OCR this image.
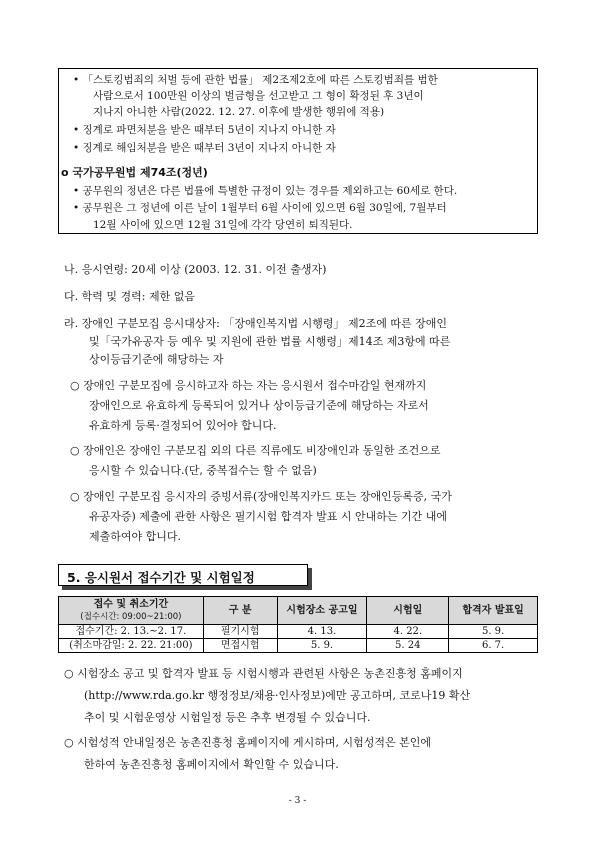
• 「스토킹범죄의 처벌 등에 관한 법률」 제2조제2호에 따른 스토킹범죄를 범한
사람으로서 100만원 이상의 벌금형을 선고받고 그 형이 확정된 후 3년이
지나지 아니한 사람(2022. 12. 27. 이후에 발생한 행위에 적용)
• 징계로 파면처분을 받은 때부터 5년이 지나지 아니한 자
• 징계로 해임처분을 받은 때부터 3년이 지나지 아니한 자
o 국가공무원법 제74조(정년)
• 공무원의 정년은 다른 법률에 특별한 규정이 있는 경우를 제외하고는 60세로 한다.
• 공무원은 그 정년에 이른 날이 1월부터 6월 사이에 있으면 6월 30일에, 7월부터
12월 사이에 있으면 12월 31일에 각각 당연히 퇴직된다.
나. 응시연령: 20세 이상 (2003. 12. 31. 이전 출생자)
다. 학력 및 경력: 제한 없음
라. 장애인 구분모집 응시대상자: 「장애인복지법 시행령」 제2조에 따른 장애인
및「국가유공자 등 예우 및 지원에 관한 법률 시행령」제14조 제3항에 따른
상이등급기준에 해당하는 자
○ 장애인 구분모집에 응시하고자 하는 자는 응시원서 접수마감일 현재까지
장애인으로 유효하게 등록되어 있거나 상이등급기준에 해당하는 자로서
유효하게 등록·결정되어 있어야 합니다.
○ 장애인은 장애인 구분모집 외의 다른 직류에도 비장애인과 동일한 조건으로
응시할 수 있습니다.(단, 중복접수는 할 수 없음)
○ 장애인 구분모집 응시자의 증빙서류(장애인복지카드 또는 장애인등록증, 국가
유공자증) 제출에 관한 사항은 필기시험 합격자 발표 시 안내하는 기간 내에
제출하여야 합니다.
5. 응시원서 접수기간 및 시험일정
접수 및 취소기간
(접수시간: 09:00~21:00)	구 분	시험장소 공고일	시험일	합격자 발표일
접수기간: 2. 13.~2. 17.	필기시험	4. 13.	4. 22.	5. 9.
(취소마감일: 2. 22. 21:00)	면접시험	5. 9.	5. 24	6. 7.
○ 시험장소 공고 및 합격자 발표 등 시험시행과 관련된 사항은 농촌진흥청 홈페이지
(http://www.rda.go.kr 행정정보/채용·인사정보)에만 공고하며, 코로나19 확산
추이 및 시험운영상 시험일정 등은 추후 변경될 수 있습니다.
○ 시험성적 안내일정은 농촌진흥청 홈페이지에 게시하며, 시험성적은 본인에
한하여 농촌진흥청 홈페이지에서 확인할 수 있습니다.
- 3 -
